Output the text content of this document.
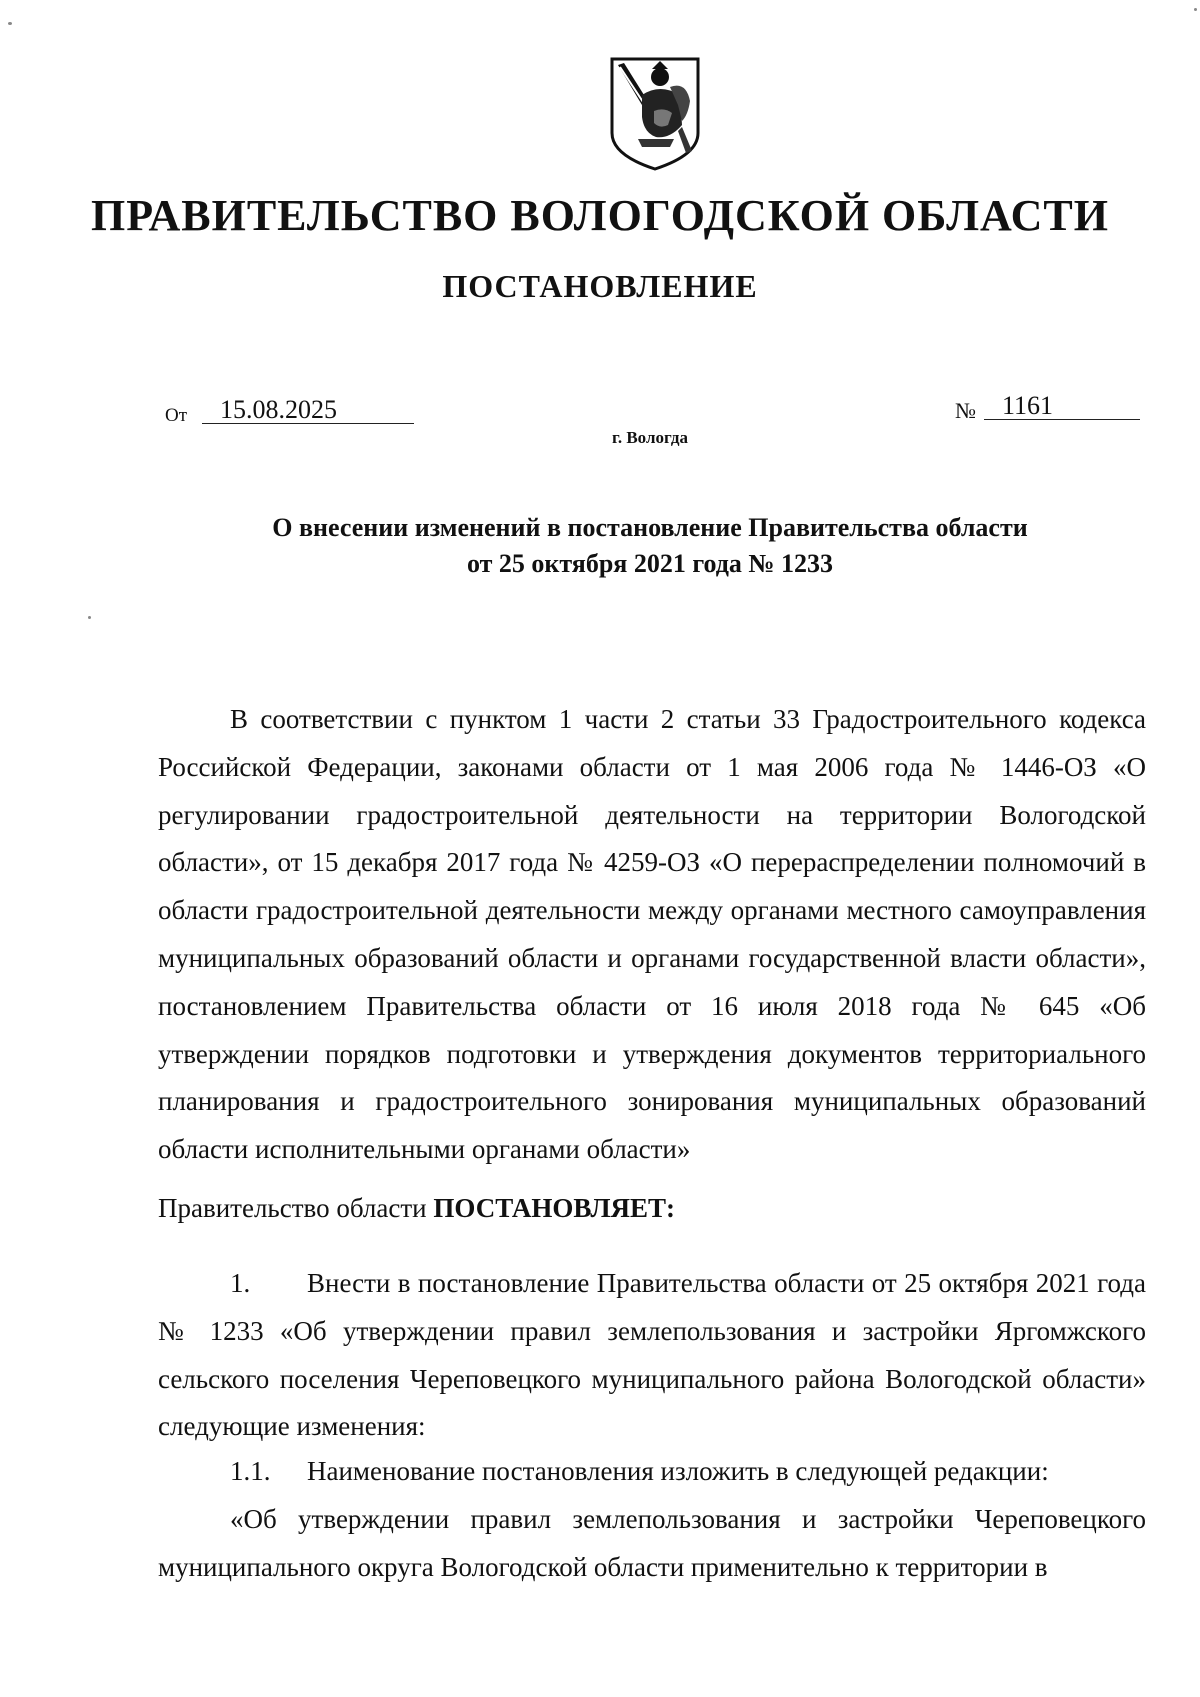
ПРАВИТЕЛЬСТВО ВОЛОГОДСКОЙ ОБЛАСТИ
ПОСТАНОВЛЕНИЕ
От 15.08.2025	№ 1161
г. Вологда
О внесении изменений в постановление Правительства области
от 25 октября 2021 года № 1233

В соответствии с пунктом 1 части 2 статьи 33 Градостроительного кодекса Российской Федерации, законами области от 1 мая 2006 года № 1446-ОЗ «О регулировании градостроительной деятельности на территории Вологодской области», от 15 декабря 2017 года № 4259-ОЗ «О перераспределении полномочий в области градостроительной деятельности между органами местного самоуправления муниципальных образований области и органами государственной власти области», постановлением Правительства области от 16 июля 2018 года № 645 «Об утверждении порядков подготовки и утверждения документов территориального планирования и градостроительного зонирования муниципальных образований области исполнительными органами области»

Правительство области ПОСТАНОВЛЯЕТ:

1. Внести в постановление Правительства области от 25 октября 2021 года № 1233 «Об утверждении правил землепользования и застройки Яргомжского сельского поселения Череповецкого муниципального района Вологодской области» следующие изменения:

1.1. Наименование постановления изложить в следующей редакции:

«Об утверждении правил землепользования и застройки Череповецкого муниципального округа Вологодской области применительно к территории в
